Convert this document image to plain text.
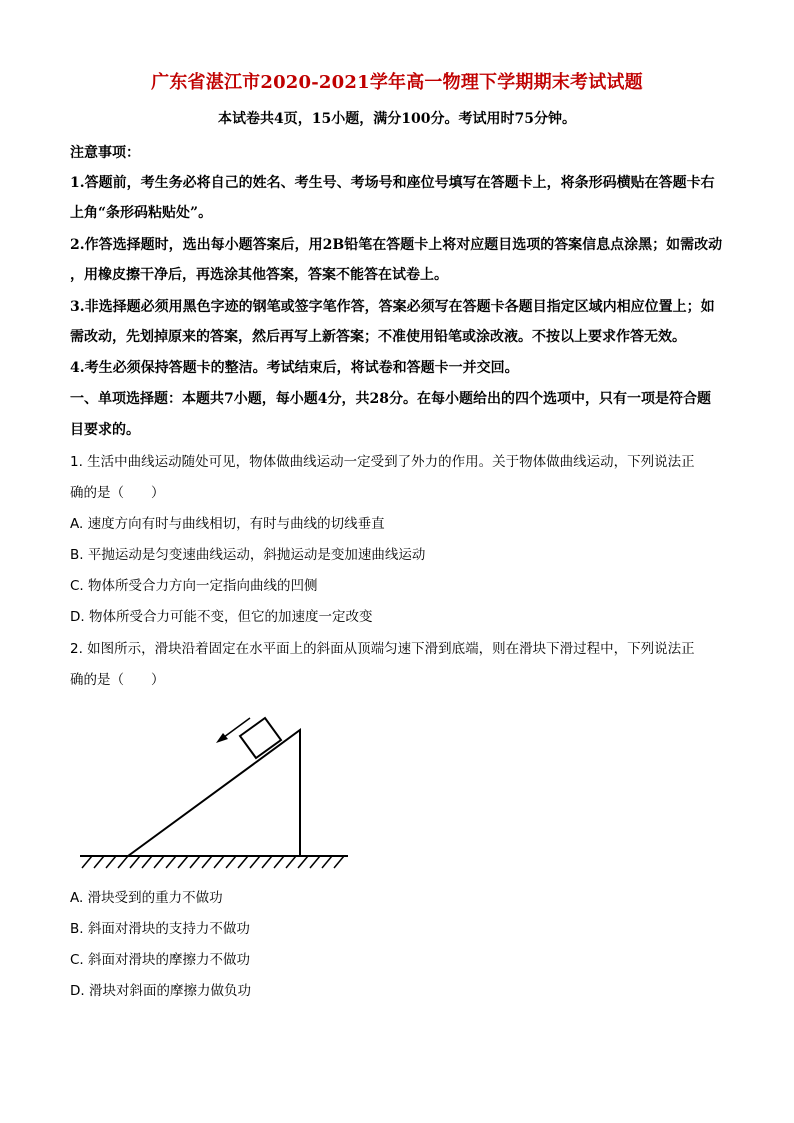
广东省湛江市2020-2021学年高一物理下学期期末考试试题
本试卷共4页，15小题，满分100分。考试用时75分钟。
注意事项：
1.答题前，考生务必将自己的姓名、考生号、考场号和座位号填写在答题卡上，将条形码横贴在答题卡右
上角“条形码粘贴处”。
2.作答选择题时，选出每小题答案后，用2B铅笔在答题卡上将对应题目选项的答案信息点涂黑；如需改动
，用橡皮擦干净后，再选涂其他答案，答案不能答在试卷上。
3.非选择题必须用黑色字迹的钢笔或签字笔作答，答案必须写在答题卡各题目指定区域内相应位置上；如
需改动，先划掉原来的答案，然后再写上新答案；不准使用铅笔或涂改液。不按以上要求作答无效。
4.考生必须保持答题卡的整洁。考试结束后，将试卷和答题卡一并交回。
一、单项选择题：本题共7小题，每小题4分，共28分。在每小题给出的四个选项中，只有一项是符合题
目要求的。
1. 生活中曲线运动随处可见，物体做曲线运动一定受到了外力的作用。关于物体做曲线运动，下列说法正
确的是（　　）
A. 速度方向有时与曲线相切，有时与曲线的切线垂直
B. 平抛运动是匀变速曲线运动，斜抛运动是变加速曲线运动
C. 物体所受合力方向一定指向曲线的凹侧
D. 物体所受合力可能不变，但它的加速度一定改变
2. 如图所示，滑块沿着固定在水平面上的斜面从顶端匀速下滑到底端，则在滑块下滑过程中，下列说法正
确的是（　　）
A. 滑块受到的重力不做功
B. 斜面对滑块的支持力不做功
C. 斜面对滑块的摩擦力不做功
D. 滑块对斜面的摩擦力做负功
